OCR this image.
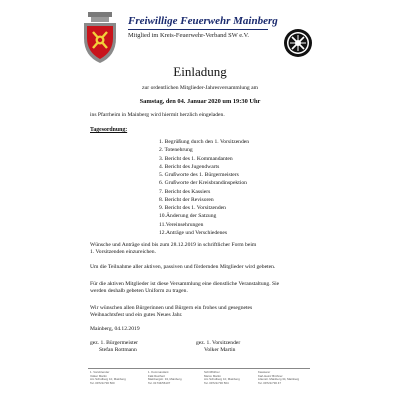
Freiwillige Feuerwehr Mainberg
Mitglied im Kreis-Feuerwehr-Verband SW e.V.
Einladung
zur ordentlichen Mitglieder-Jahresversammlung am
Samstag, den 04. Januar 2020 um 19:30 Uhr
ins Pfarrheim in Mainberg wird hiermit herzlich eingeladen.
Tagesordnung:
1. Begrüßung durch den 1. Vorsitzenden
2. Totenehrung
3. Bericht des 1. Kommandanten
4. Bericht des Jugendwarts
5. Grußworte des 1. Bürgermeisters
6. Grußworte der Kreisbrandinspektion
7. Bericht des Kassiers
8. Bericht der Revisoren
9. Bericht des 1. Vorsitzenden
10.Änderung der Satzung
11.Vereinsehrungen
12.Anträge und Verschiedenes
Wünsche und Anträge sind bis zum 28.12.2019 in schriftlicher Form beim
1. Vorsitzenden einzureichen.
Um die Teilnahme aller aktiven, passiven und fördernden Mitglieder wird gebeten.
Für die aktiven Mitglieder ist diese Versammlung eine dienstliche Veranstaltung. Sie
werden deshalb gebeten Uniform zu tragen.
Wir wünschen allen Bürgerinnen und Bürgern ein frohes und gesegnetes
Weihnachtsfest und ein gutes Neues Jahr.
Mainberg, 04.12.2019
gez. 1. Bürgermeister
Stefan Rottmann
gez. 1. Vorsitzender
Volker Martin
1. Vorsitzender
Volker Martin
Am Schulberg 10, Mainberg
Tel. 09721/730 500
1. Kommandant
Falk Reichert
Mainbergstr. 34, Mainberg
Tel. 01734/56107
Schriftführer
Marco Martin
Am Schulberg 10, Mainberg
Tel. 09721/730 564
Kassierer
Karl-Heinz Brühner
Lilienstr. Mainberg 34, Mainberg
Tel. 09721/730 47
